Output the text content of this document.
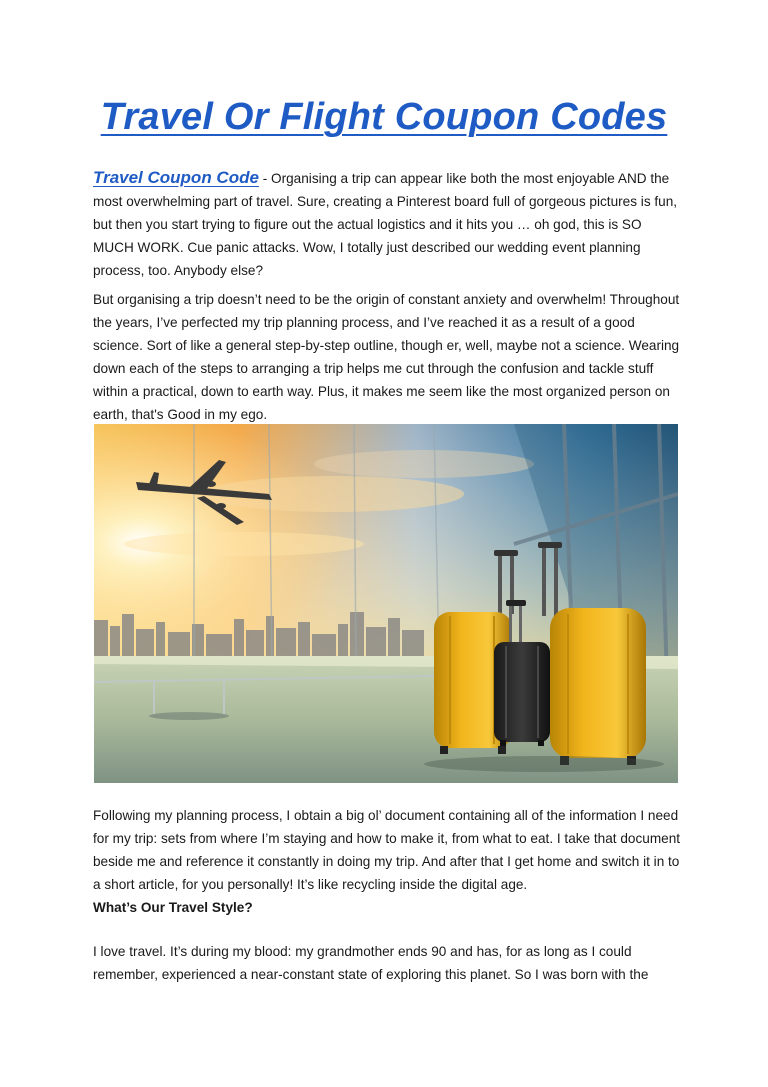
Travel Or Flight Coupon Codes

Travel Coupon Code - Organising a trip can appear like both the most enjoyable AND the most overwhelming part of travel. Sure, creating a Pinterest board full of gorgeous pictures is fun, but then you start trying to figure out the actual logistics and it hits you … oh god, this is SO MUCH WORK. Cue panic attacks. Wow, I totally just described our wedding event planning process, too. Anybody else?

But organising a trip doesn’t need to be the origin of constant anxiety and overwhelm! Throughout the years, I’ve perfected my trip planning process, and I’ve reached it as a result of a good science. Sort of like a general step-by-step outline, though er, well, maybe not a science. Wearing down each of the steps to arranging a trip helps me cut through the confusion and tackle stuff within a practical, down to earth way. Plus, it makes me seem like the most organized person on earth, that's Good in my ego.

Following my planning process, I obtain a big ol’ document containing all of the information I need for my trip: sets from where I’m staying and how to make it, from what to eat. I take that document beside me and reference it constantly in doing my trip. And after that I get home and switch it in to a short article, for you personally! It’s like recycling inside the digital age.

What’s Our Travel Style?

I love travel. It’s during my blood: my grandmother ends 90 and has, for as long as I could remember, experienced a near-constant state of exploring this planet. So I was born with the
